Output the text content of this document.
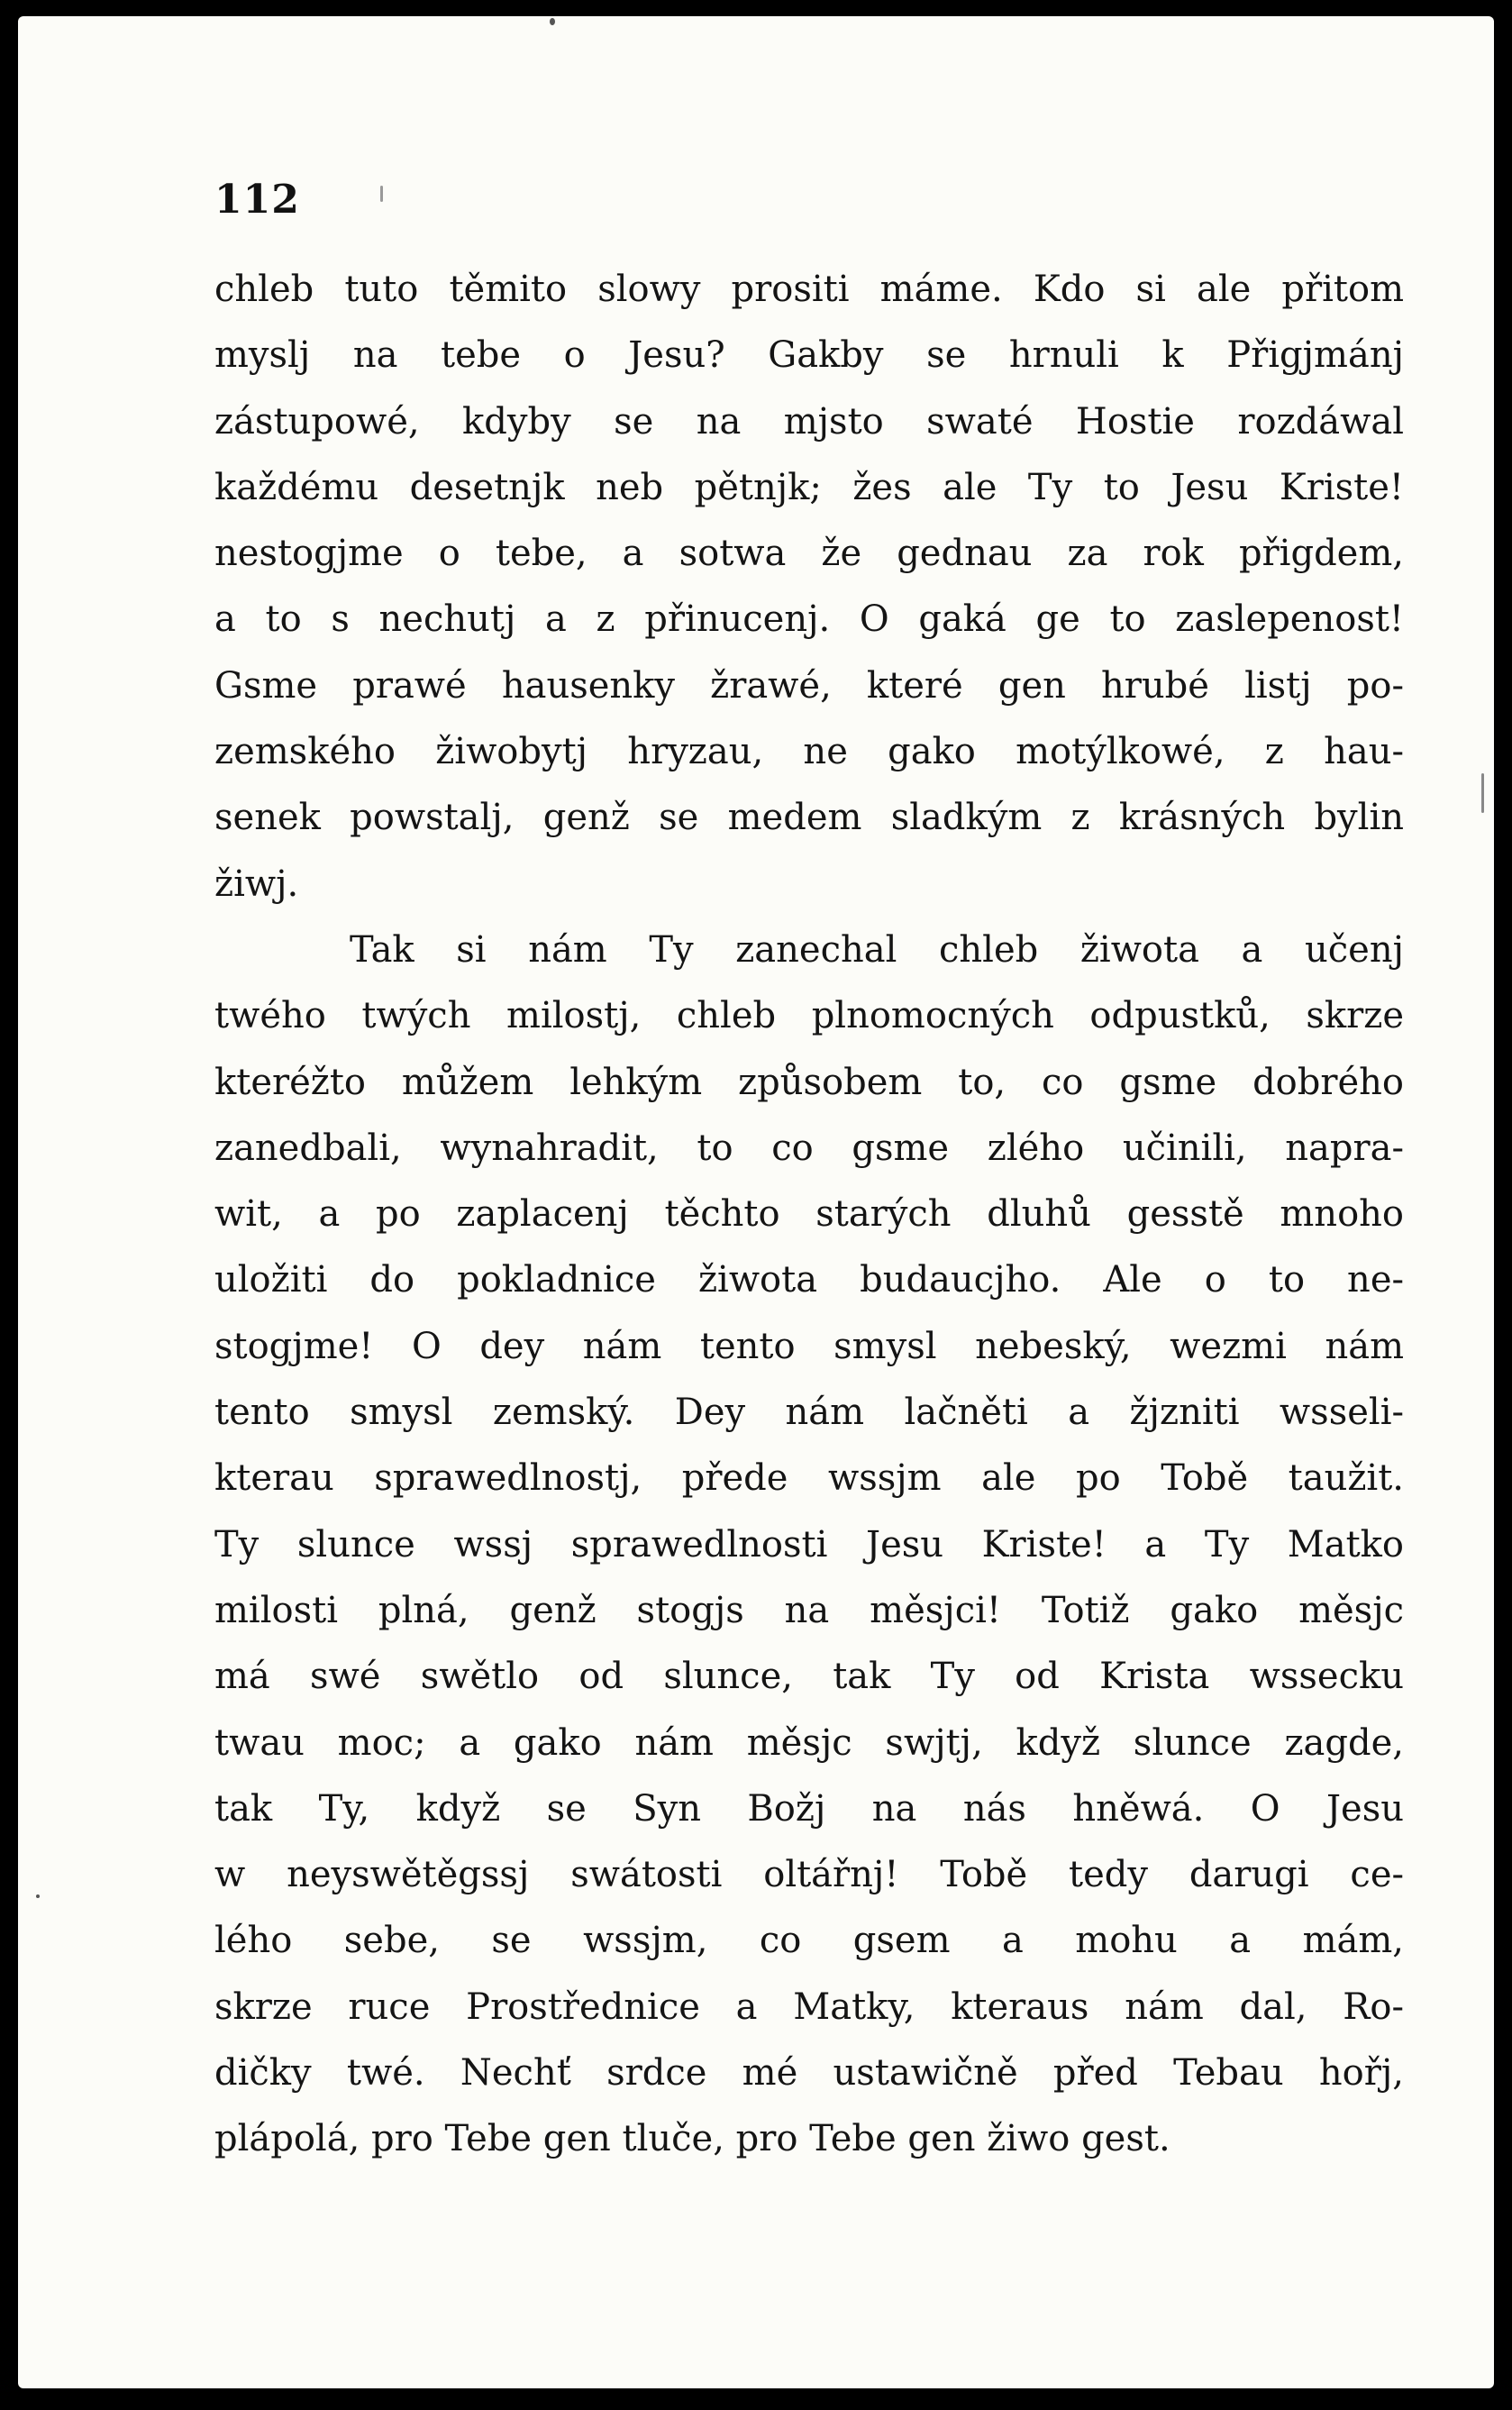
112
chleb tuto těmito slowy prositi máme. Kdo si ale přitom
myslj na tebe o Jesu? Gakby se hrnuli k Přigjmánj
zástupowé, kdyby se na mjsto swaté Hostie rozdáwal
každému desetnjk neb pětnjk; žes ale Ty to Jesu Kriste!
nestogjme o tebe, a sotwa že gednau za rok přigdem,
a to s nechutj a z přinucenj. O gaká ge to zaslepenost!
Gsme prawé hausenky žrawé, které gen hrubé listj po-
zemského žiwobytj hryzau, ne gako motýlkowé, z hau-
senek powstalj, genž se medem sladkým z krásných bylin
žiwj.
Tak si nám Ty zanechal chleb žiwota a učenj
twého twých milostj, chleb plnomocných odpustků, skrze
kteréžto můžem lehkým způsobem to, co gsme dobrého
zanedbali, wynahradit, to co gsme zlého učinili, napra-
wit, a po zaplacenj těchto starých dluhů gesstě mnoho
uložiti do pokladnice žiwota budaucjho. Ale o to ne-
stogjme! O dey nám tento smysl nebeský, wezmi nám
tento smysl zemský. Dey nám lačněti a žjzniti wsseli-
kterau sprawedlnostj, přede wssjm ale po Tobě taužit.
Ty slunce wssj sprawedlnosti Jesu Kriste! a Ty Matko
milosti plná, genž stogjs na měsjci! Totiž gako měsjc
má swé swětlo od slunce, tak Ty od Krista wssecku
twau moc; a gako nám měsjc swjtj, když slunce zagde,
tak Ty, když se Syn Božj na nás hněwá. O Jesu
w neyswětěgssj swátosti oltářnj! Tobě tedy darugi ce-
lého sebe, se wssjm, co gsem a mohu a mám,
skrze ruce Prostřednice a Matky, kteraus nám dal, Ro-
dičky twé. Nechť srdce mé ustawičně před Tebau hořj,
plápolá, pro Tebe gen tluče, pro Tebe gen žiwo gest.
